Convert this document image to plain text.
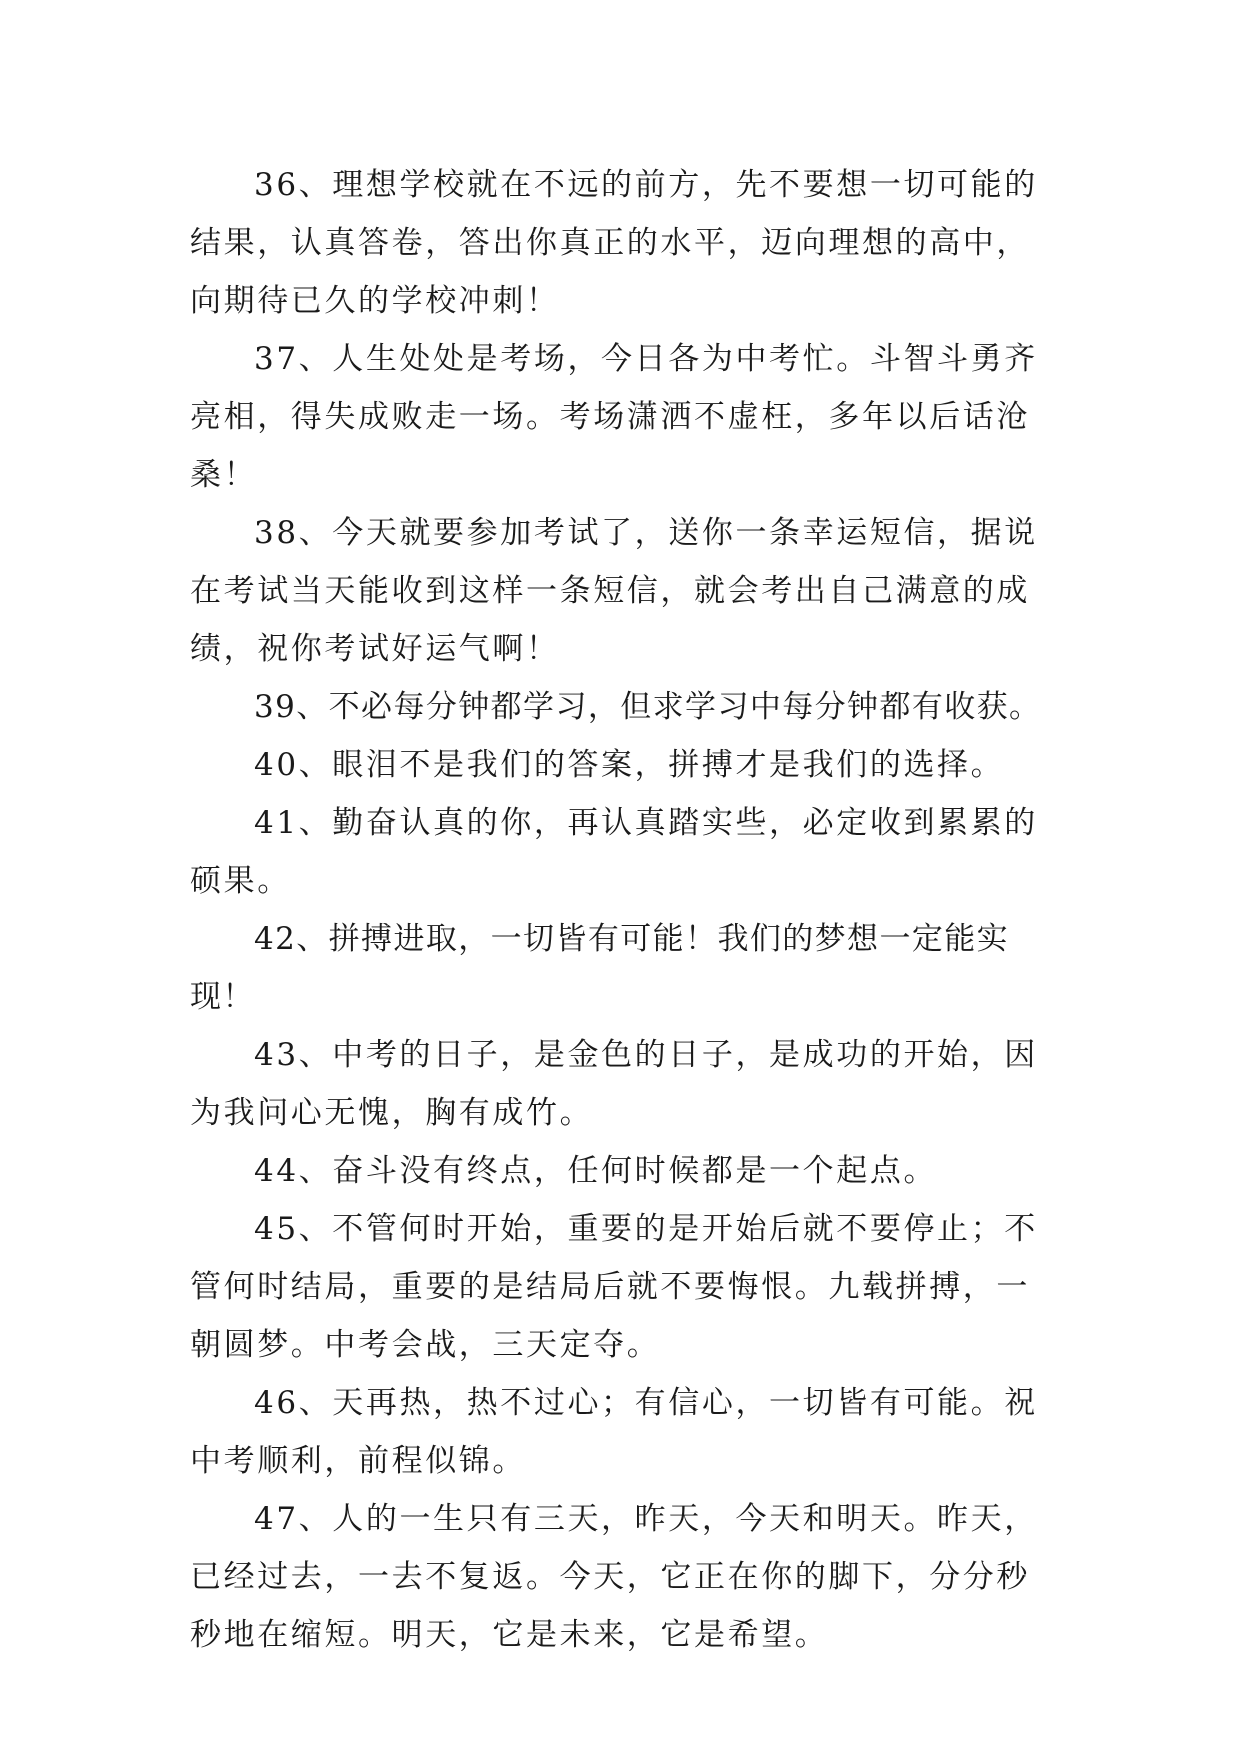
36、理想学校就在不远的前方，先不要想一切可能的结果，认真答卷，答出你真正的水平，迈向理想的高中，向期待已久的学校冲刺！

37、人生处处是考场，今日各为中考忙。斗智斗勇齐亮相，得失成败走一场。考场潇洒不虚枉，多年以后话沧桑！

38、今天就要参加考试了，送你一条幸运短信，据说在考试当天能收到这样一条短信，就会考出自己满意的成绩，祝你考试好运气啊！

39、不必每分钟都学习，但求学习中每分钟都有收获。

40、眼泪不是我们的答案，拼搏才是我们的选择。

41、勤奋认真的你，再认真踏实些，必定收到累累的硕果。

42、拼搏进取，一切皆有可能！我们的梦想一定能实现！

43、中考的日子，是金色的日子，是成功的开始，因为我问心无愧，胸有成竹。

44、奋斗没有终点，任何时候都是一个起点。

45、不管何时开始，重要的是开始后就不要停止；不管何时结局，重要的是结局后就不要悔恨。九载拼搏，一朝圆梦。中考会战，三天定夺。

46、天再热，热不过心；有信心，一切皆有可能。祝中考顺利，前程似锦。

47、人的一生只有三天，昨天，今天和明天。昨天，已经过去，一去不复返。今天，它正在你的脚下，分分秒秒地在缩短。明天，它是未来，它是希望。
